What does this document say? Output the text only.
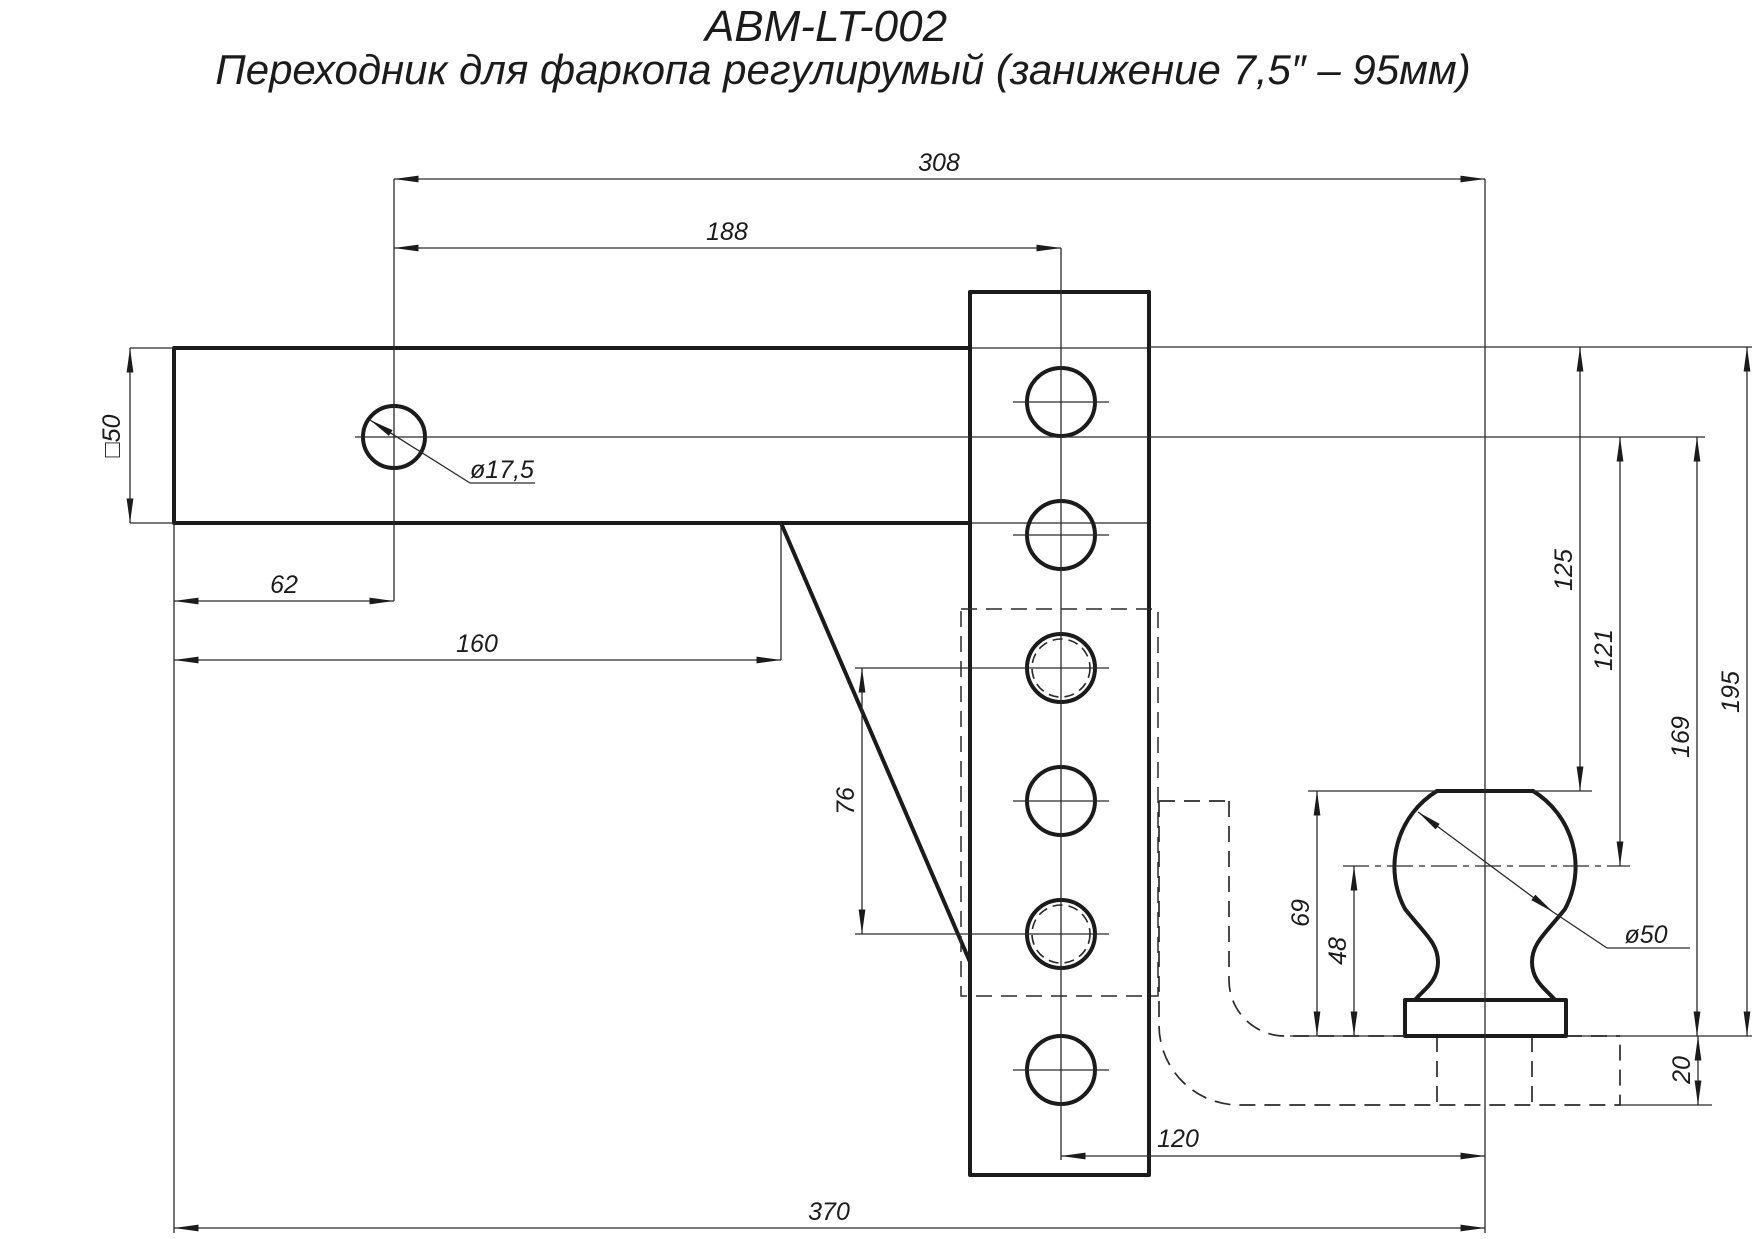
ABM-LT-002
Переходник для фаркопа регулирумый (занижение 7,5″ – 95мм)
308
188
62
160
76
□50
ø17,5
125
121
169
195
69
48
ø50
20
120
370
